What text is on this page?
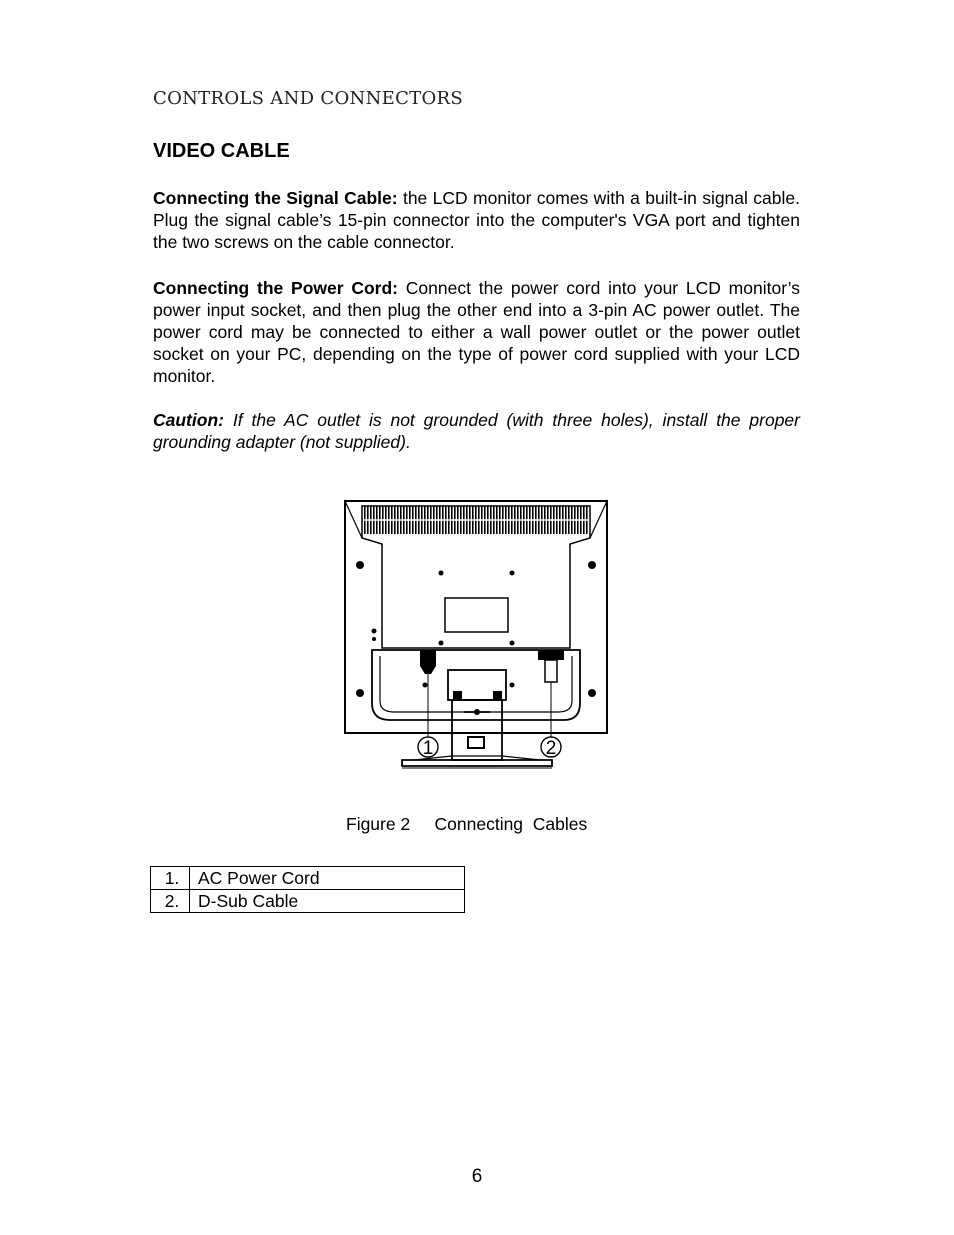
CONTROLS AND CONNECTORS
VIDEO CABLE

Connecting the Signal Cable: the LCD monitor comes with a built-in signal cable. Plug the signal cable’s 15-pin connector into the computer's VGA port and tighten the two screws on the cable connector.

Connecting the Power Cord: Connect the power cord into your LCD monitor’s power input socket, and then plug the other end into a 3-pin AC power outlet. The power cord may be connected to either a wall power outlet or the power outlet socket on your PC, depending on the type of power cord supplied with your LCD monitor.

Caution: If the AC outlet is not grounded (with three holes), install the proper grounding adapter (not supplied).

1	2
Figure 2     Connecting  Cables
1.	AC Power Cord
2.	D-Sub Cable
6
